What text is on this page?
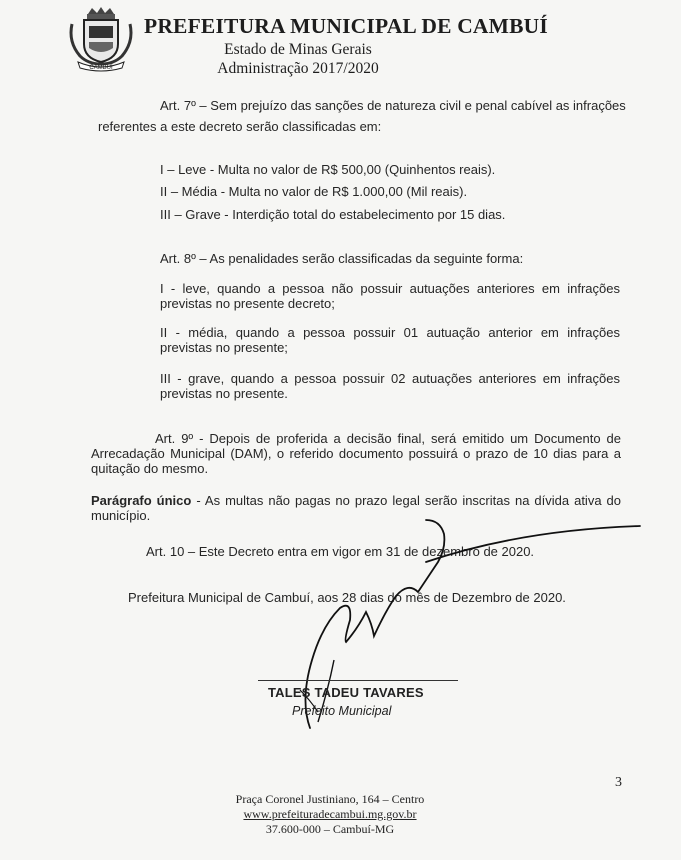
CAMBUÍ
PREFEITURA MUNICIPAL DE CAMBUÍ
Estado de Minas Gerais
Administração 2017/2020

Art. 7º – Sem prejuízo das sanções de natureza civil e penal cabível as infrações

referentes a este decreto serão classificadas em:

I – Leve - Multa no valor de R$ 500,00 (Quinhentos reais).

II – Média - Multa no valor de R$ 1.000,00 (Mil reais).

III – Grave - Interdição total do estabelecimento por 15 dias.

Art. 8º – As penalidades serão classificadas da seguinte forma:

I - leve, quando a pessoa não possuir autuações anteriores em infrações previstas no presente decreto;

II - média, quando a pessoa possuir 01 autuação anterior em infrações previstas no presente;

III - grave, quando a pessoa possuir 02 autuações anteriores em infrações previstas no presente.

Art. 9º - Depois de proferida a decisão final, será emitido um Documento de Arrecadação Municipal (DAM), o referido documento possuirá o prazo de 10 dias para a quitação do mesmo.

Parágrafo único - As multas não pagas no prazo legal serão inscritas na dívida ativa do município.

Art. 10 – Este Decreto entra em vigor em 31 de dezembro de 2020.

Prefeitura Municipal de Cambuí, aos 28 dias do mês de Dezembro de 2020.

TALES TADEU TAVARES
Prefeito Municipal
3
Praça Coronel Justiniano, 164 – Centro
www.prefeituradecambui.mg.gov.br
37.600-000 – Cambuí-MG
